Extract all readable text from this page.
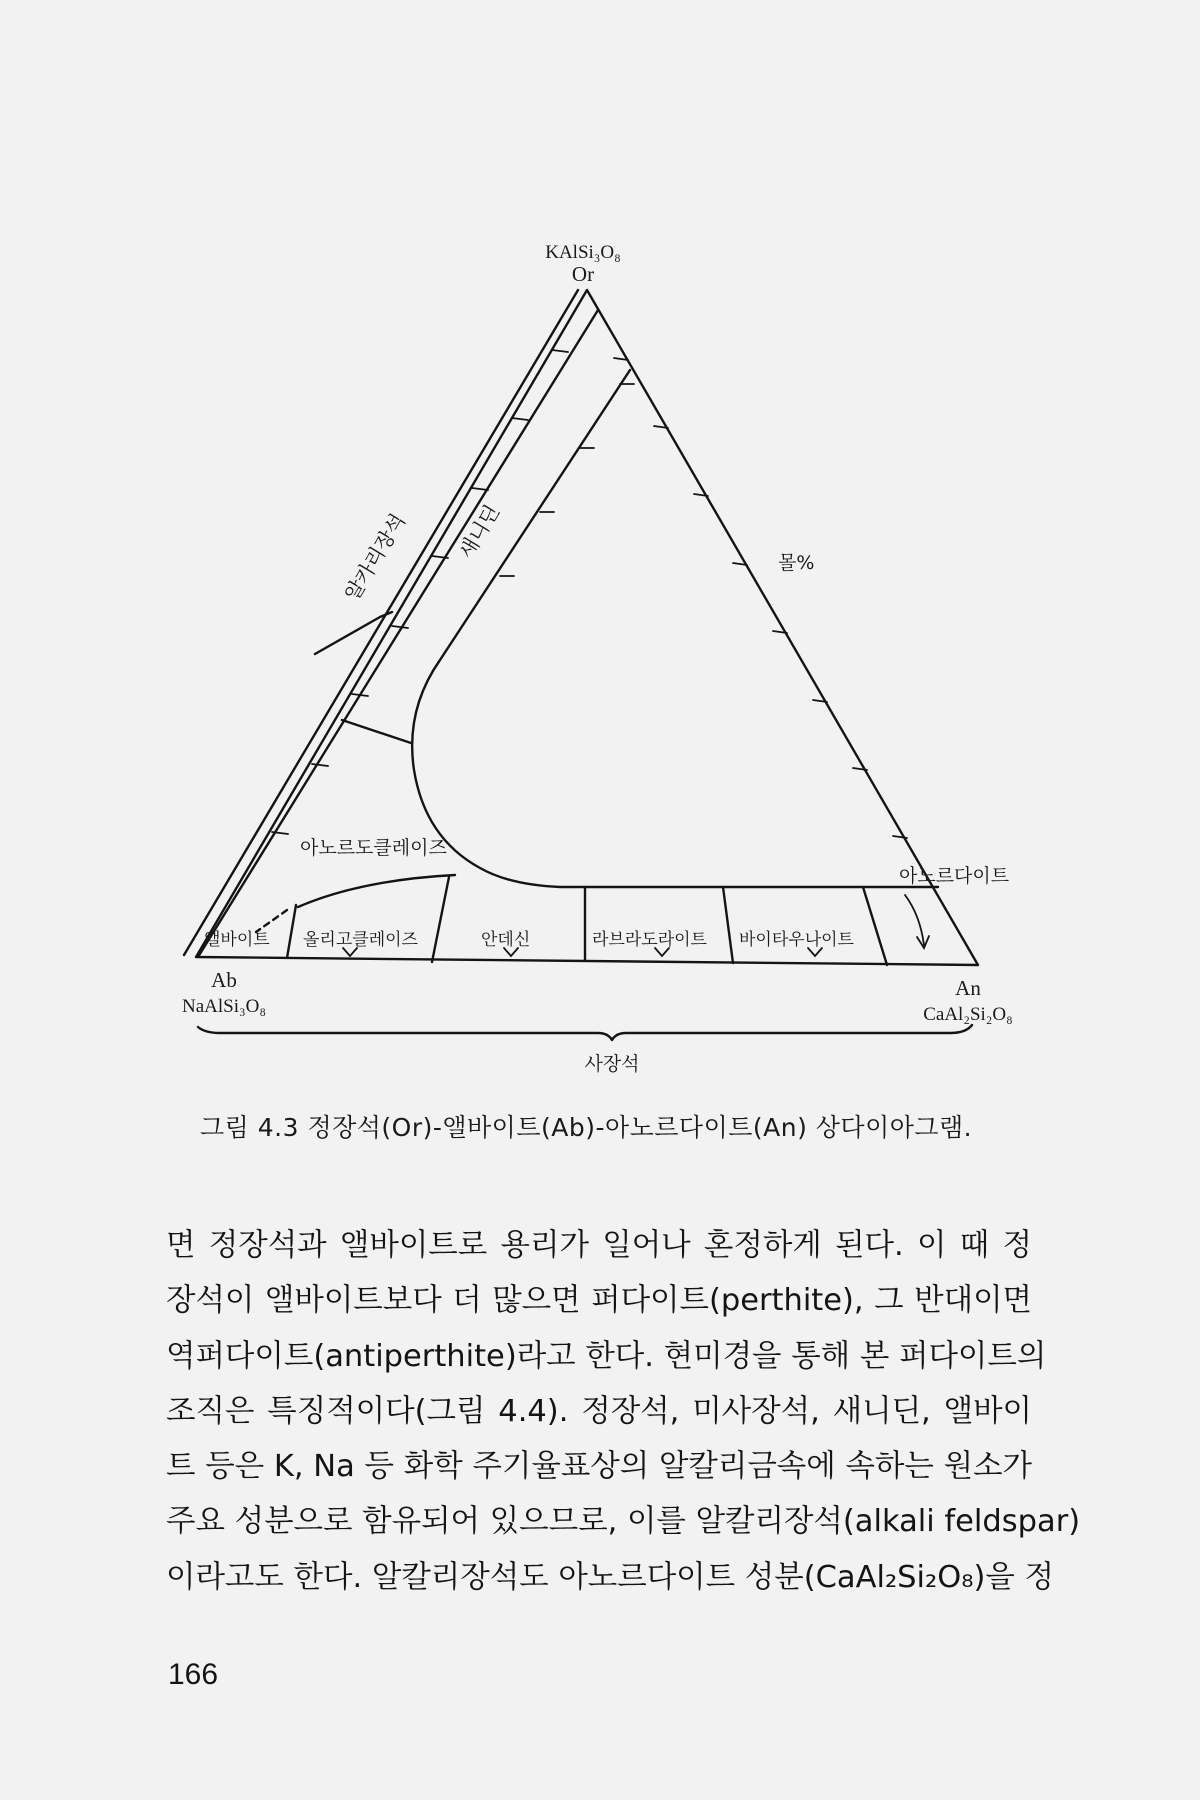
KAlSi₃O₈
Or
Ab
NaAlSi₃O₈
An
CaAl₂Si₂O₈
알카리장석 새니딘
아노르도클레이즈
몰%
아노르다이트
앨바이트 올리고클레이즈	안데신	라브라도라이트 바이타우나이트
사장석
그림 4.3 정장석(Or)-앨바이트(Ab)-아노르다이트(An) 상다이아그램.
면 정장석과 앨바이트로 용리가 일어나 혼정하게 된다. 이 때 정
장석이 앨바이트보다 더 많으면 퍼다이트(perthite), 그 반대이면
역퍼다이트(antiperthite)라고 한다. 현미경을 통해 본 퍼다이트의
조직은 특징적이다(그림 4.4). 정장석, 미사장석, 새니딘, 앨바이
트 등은 K, Na 등 화학 주기율표상의 알칼리금속에 속하는 원소가
주요 성분으로 함유되어 있으므로, 이를 알칼리장석(alkali feldspar)
이라고도 한다. 알칼리장석도 아노르다이트 성분(CaAl₂Si₂O₈)을 정
166
